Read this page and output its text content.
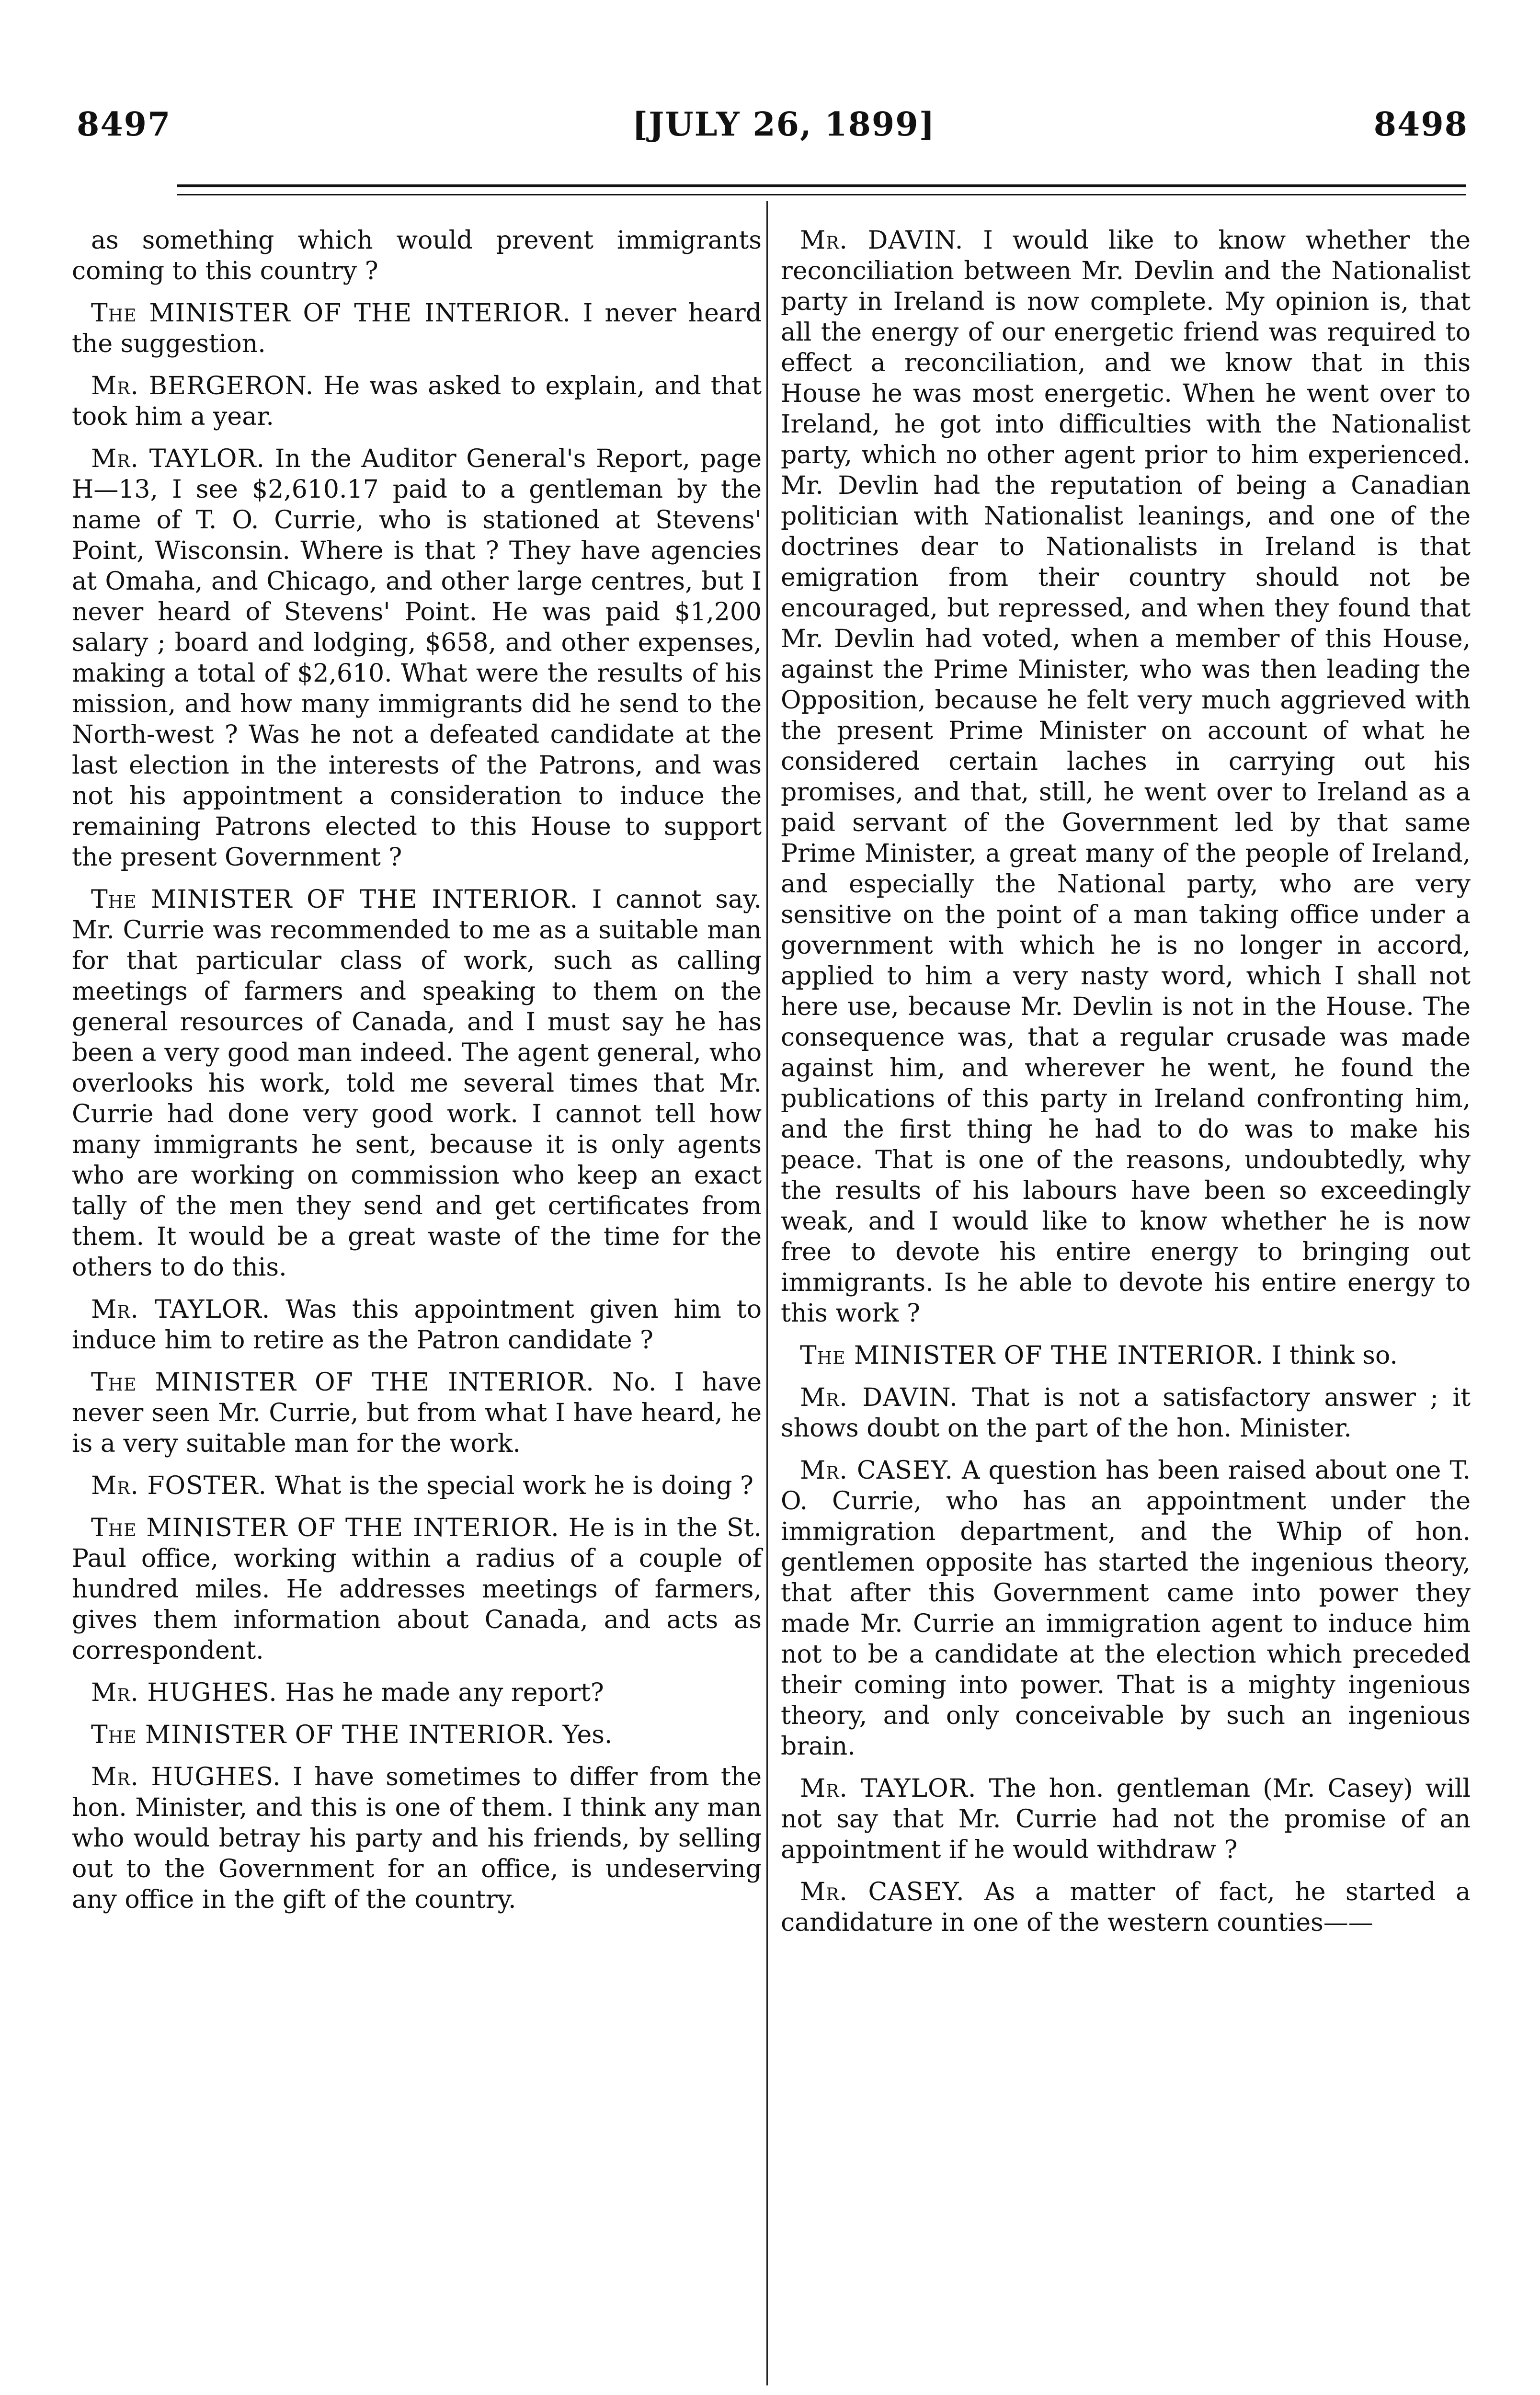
8497	[JULY 26, 1899]	8498

as something which would prevent immigrants coming to this country ?

The MINISTER OF THE INTERIOR. I never heard the suggestion.

Mr. BERGERON. He was asked to explain, and that took him a year.

Mr. TAYLOR. In the Auditor General's Report, page H—13, I see $2,610.17 paid to a gentleman by the name of T. O. Currie, who is stationed at Stevens' Point, Wisconsin. Where is that ? They have agencies at Omaha, and Chicago, and other large centres, but I never heard of Stevens' Point. He was paid $1,200 salary ; board and lodging, $658, and other expenses, making a total of $2,610. What were the results of his mission, and how many immigrants did he send to the North-west ? Was he not a defeated candidate at the last election in the interests of the Patrons, and was not his appointment a consideration to induce the remaining Patrons elected to this House to support the present Government ?

The MINISTER OF THE INTERIOR. I cannot say. Mr. Currie was recommended to me as a suitable man for that particular class of work, such as calling meetings of farmers and speaking to them on the general resources of Canada, and I must say he has been a very good man indeed. The agent general, who overlooks his work, told me several times that Mr. Currie had done very good work. I cannot tell how many immigrants he sent, because it is only agents who are working on commission who keep an exact tally of the men they send and get certificates from them. It would be a great waste of the time for the others to do this.

Mr. TAYLOR. Was this appointment given him to induce him to retire as the Patron candidate ?

The MINISTER OF THE INTERIOR. No. I have never seen Mr. Currie, but from what I have heard, he is a very suitable man for the work.

Mr. FOSTER. What is the special work he is doing ?

The MINISTER OF THE INTERIOR. He is in the St. Paul office, working within a radius of a couple of hundred miles. He addresses meetings of farmers, gives them information about Canada, and acts as correspondent.

Mr. HUGHES. Has he made any report?

The MINISTER OF THE INTERIOR. Yes.

Mr. HUGHES. I have sometimes to differ from the hon. Minister, and this is one of them. I think any man who would betray his party and his friends, by selling out to the Government for an office, is undeserving any office in the gift of the country.

Mr. DAVIN. I would like to know whether the reconciliation between Mr. Devlin and the Nationalist party in Ireland is now complete. My opinion is, that all the energy of our energetic friend was required to effect a reconciliation, and we know that in this House he was most energetic. When he went over to Ireland, he got into difficulties with the Nationalist party, which no other agent prior to him experienced. Mr. Devlin had the reputation of being a Canadian politician with Nationalist leanings, and one of the doctrines dear to Nationalists in Ireland is that emigration from their country should not be encouraged, but repressed, and when they found that Mr. Devlin had voted, when a member of this House, against the Prime Minister, who was then leading the Opposition, because he felt very much aggrieved with the present Prime Minister on account of what he considered certain laches in carrying out his promises, and that, still, he went over to Ireland as a paid servant of the Government led by that same Prime Minister, a great many of the people of Ireland, and especially the National party, who are very sensitive on the point of a man taking office under a government with which he is no longer in accord, applied to him a very nasty word, which I shall not here use, because Mr. Devlin is not in the House. The consequence was, that a regular crusade was made against him, and wherever he went, he found the publications of this party in Ireland confronting him, and the first thing he had to do was to make his peace. That is one of the reasons, undoubtedly, why the results of his labours have been so exceedingly weak, and I would like to know whether he is now free to devote his entire energy to bringing out immigrants. Is he able to devote his entire energy to this work ?

The MINISTER OF THE INTERIOR. I think so.

Mr. DAVIN. That is not a satisfactory answer ; it shows doubt on the part of the hon. Minister.

Mr. CASEY. A question has been raised about one T. O. Currie, who has an appointment under the immigration department, and the Whip of hon. gentlemen opposite has started the ingenious theory, that after this Government came into power they made Mr. Currie an immigration agent to induce him not to be a candidate at the election which preceded their coming into power. That is a mighty ingenious theory, and only conceivable by such an ingenious brain.

Mr. TAYLOR. The hon. gentleman (Mr. Casey) will not say that Mr. Currie had not the promise of an appointment if he would withdraw ?

Mr. CASEY. As a matter of fact, he started a candidature in one of the western counties——
